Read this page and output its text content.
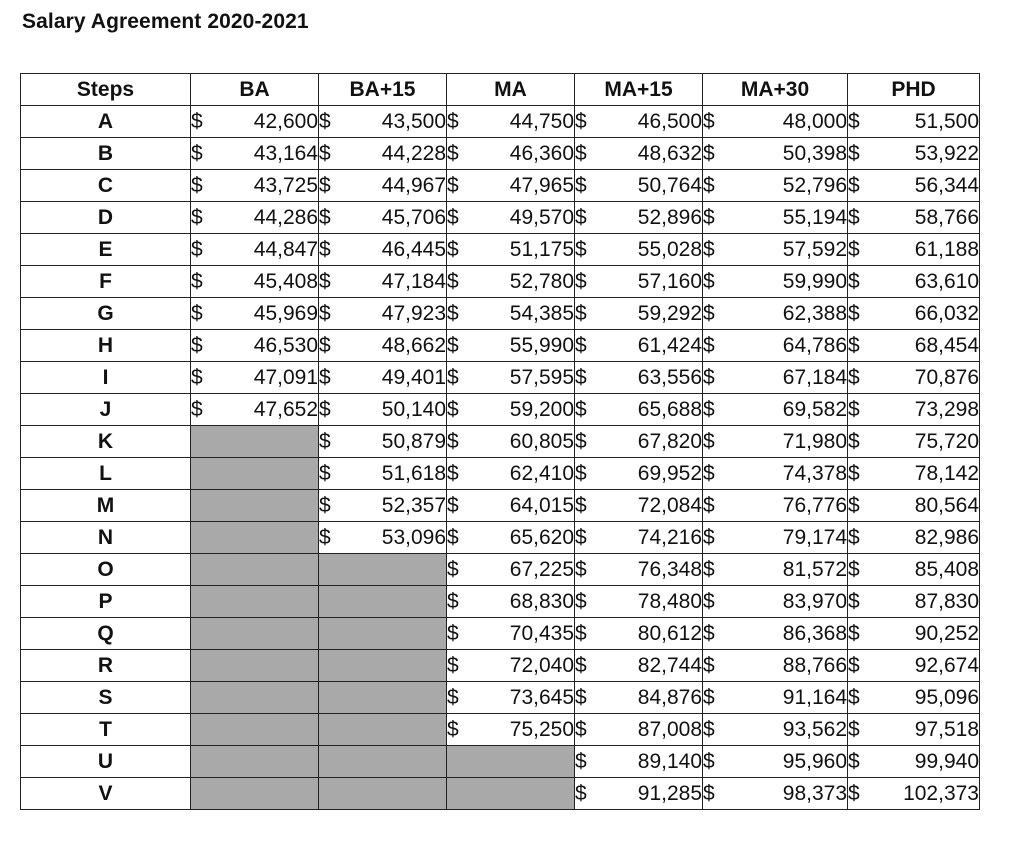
Salary Agreement 2020-2021
Steps	BA	BA+15	MA	MA+15	MA+30	PHD
A	$ 42,600	$ 43,500	$ 44,750	$ 46,500	$ 48,000	$ 51,500

B	$ 43,164	$ 44,228	$ 46,360	$ 48,632	$ 50,398	$ 53,922

C	$ 43,725	$ 44,967	$ 47,965	$ 50,764	$ 52,796	$ 56,344

D	$ 44,286	$ 45,706	$ 49,570	$ 52,896	$ 55,194	$ 58,766

E	$ 44,847	$ 46,445	$ 51,175	$ 55,028	$ 57,592	$ 61,188

F	$ 45,408	$ 47,184	$ 52,780	$ 57,160	$ 59,990	$ 63,610

G	$ 45,969	$ 47,923	$ 54,385	$ 59,292	$ 62,388	$ 66,032

H	$ 46,530	$ 48,662	$ 55,990	$ 61,424	$ 64,786	$ 68,454

I	$ 47,091	$ 49,401	$ 57,595	$ 63,556	$ 67,184	$ 70,876

J	$ 47,652	$ 50,140	$ 59,200	$ 65,688	$ 69,582	$ 73,298

K		$ 50,879	$ 60,805	$ 67,820	$ 71,980	$ 75,720

L		$ 51,618	$ 62,410	$ 69,952	$ 74,378	$ 78,142

M		$ 52,357	$ 64,015	$ 72,084	$ 76,776	$ 80,564

N		$ 53,096	$ 65,620	$ 74,216	$ 79,174	$ 82,986

O			$ 67,225	$ 76,348	$ 81,572	$ 85,408

P			$ 68,830	$ 78,480	$ 83,970	$ 87,830

Q			$ 70,435	$ 80,612	$ 86,368	$ 90,252

R			$ 72,040	$ 82,744	$ 88,766	$ 92,674

S			$ 73,645	$ 84,876	$ 91,164	$ 95,096

T			$ 75,250	$ 87,008	$ 93,562	$ 97,518

U				$ 89,140	$ 95,960	$ 99,940

V				$ 91,285	$ 98,373	$ 102,373
